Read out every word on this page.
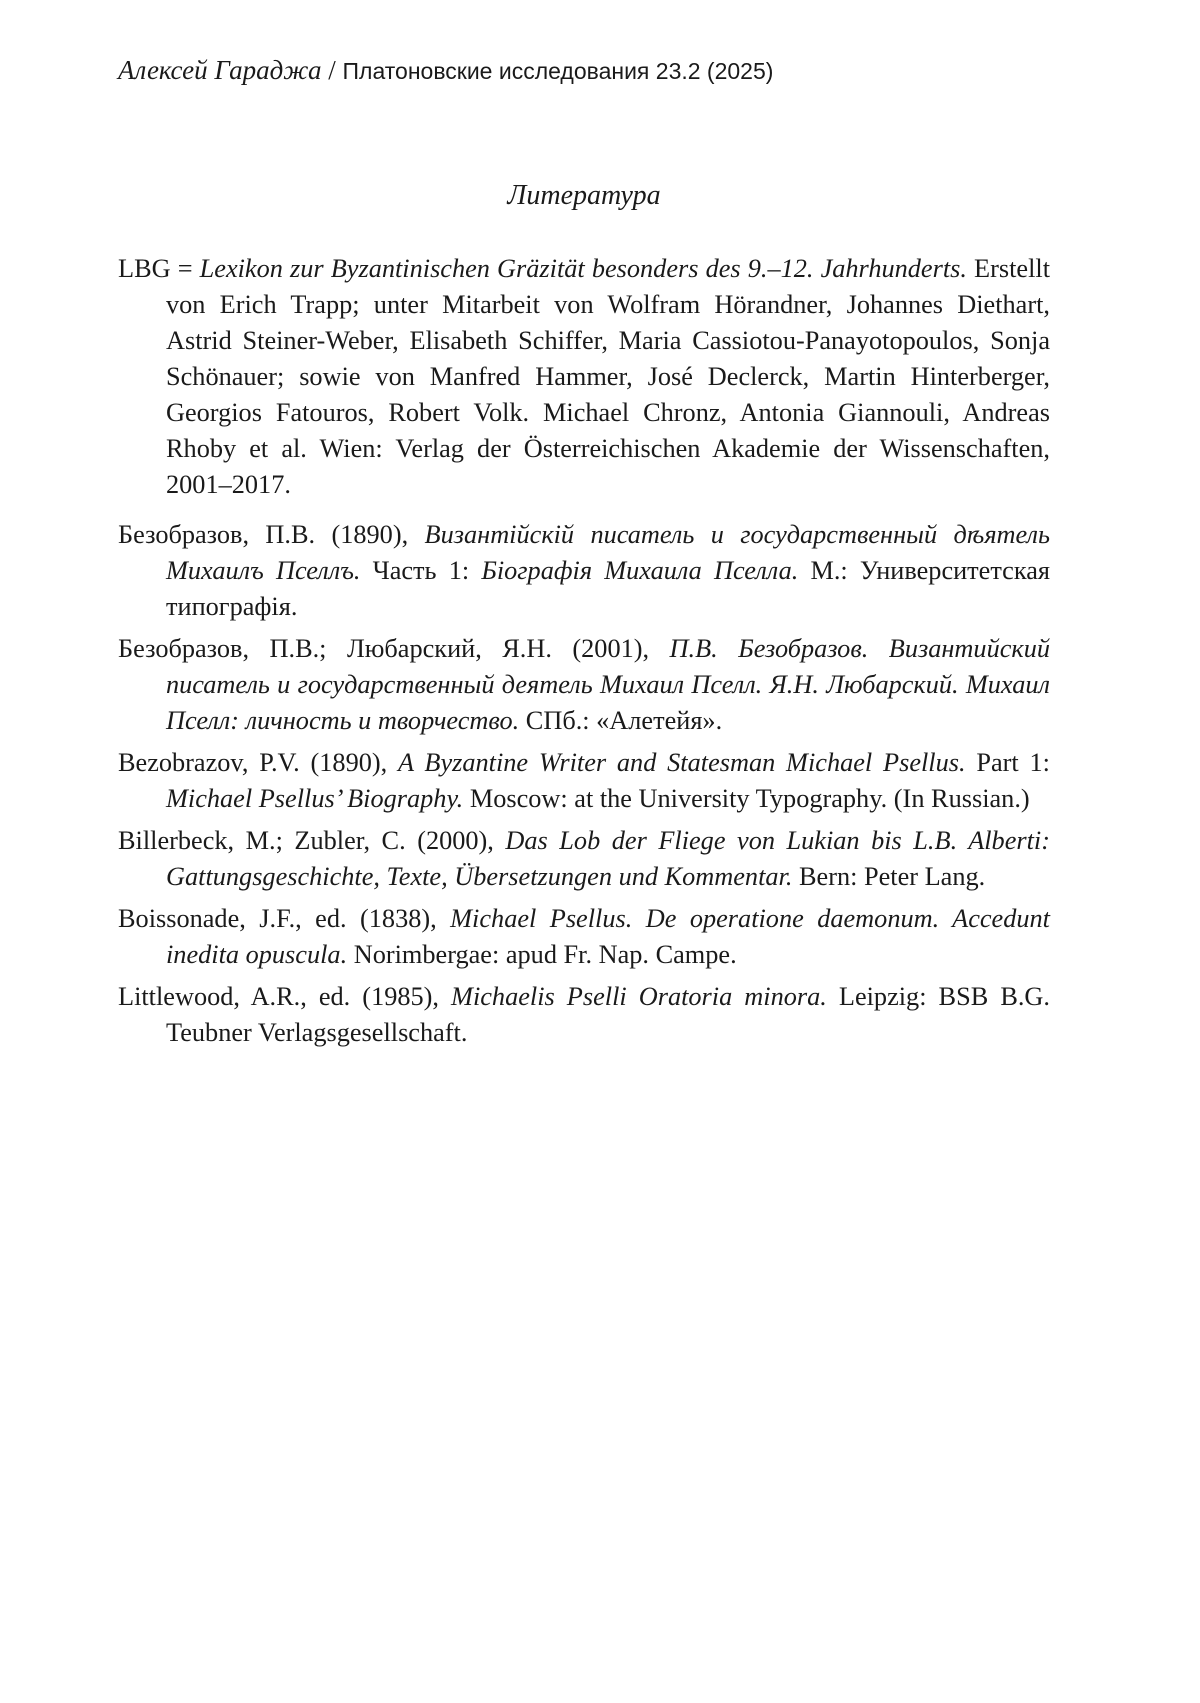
Алексей Гараджа / Платоновские исследования 23.2 (2025)
Литература
LBG = Lexikon zur Byzantinischen Gräzität besonders des 9.–12. Jahrhunderts. Erstellt von Erich Trapp; unter Mitarbeit von Wolfram Hörandner, Johannes Diethart, Astrid Steiner-Weber, Elisabeth Schiffer, Maria Cassiotou-Panayotopoulos, Sonja Schönauer; sowie von Manfred Hammer, José Declerck, Martin Hinterberger, Georgios Fatouros, Robert Volk. Michael Chronz, Antonia Giannouli, Andreas Rhoby et al. Wien: Verlag der Österreichischen Akademie der Wissenschaften, 2001–2017.
Безобразов, П.В. (1890), Византiйскiй писатель и государственный дѣятель Михаилъ Пселлъ. Часть 1: Бiографiя Михаила Пселла. М.: Университетская типографiя.
Безобразов, П.В.; Любарский, Я.Н. (2001), П.В. Безобразов. Византийский писатель и государственный деятель Михаил Пселл. Я.Н. Любарский. Михаил Пселл: личность и творчество. СПб.: «Алетейя».
Bezobrazov, P.V. (1890), A Byzantine Writer and Statesman Michael Psellus. Part 1: Michael Psellus’ Biography. Moscow: at the University Typography. (In Russian.)
Billerbeck, M.; Zubler, C. (2000), Das Lob der Fliege von Lukian bis L.B. Alberti: Gattungsgeschichte, Texte, Übersetzungen und Kommentar. Bern: Peter Lang.
Boissonade, J.F., ed. (1838), Michael Psellus. De operatione daemonum. Accedunt inedita opuscula. Norimbergae: apud Fr. Nap. Campe.
Littlewood, A.R., ed. (1985), Michaelis Pselli Oratoria minora. Leipzig: BSB B.G. Teubner Verlagsgesellschaft.
